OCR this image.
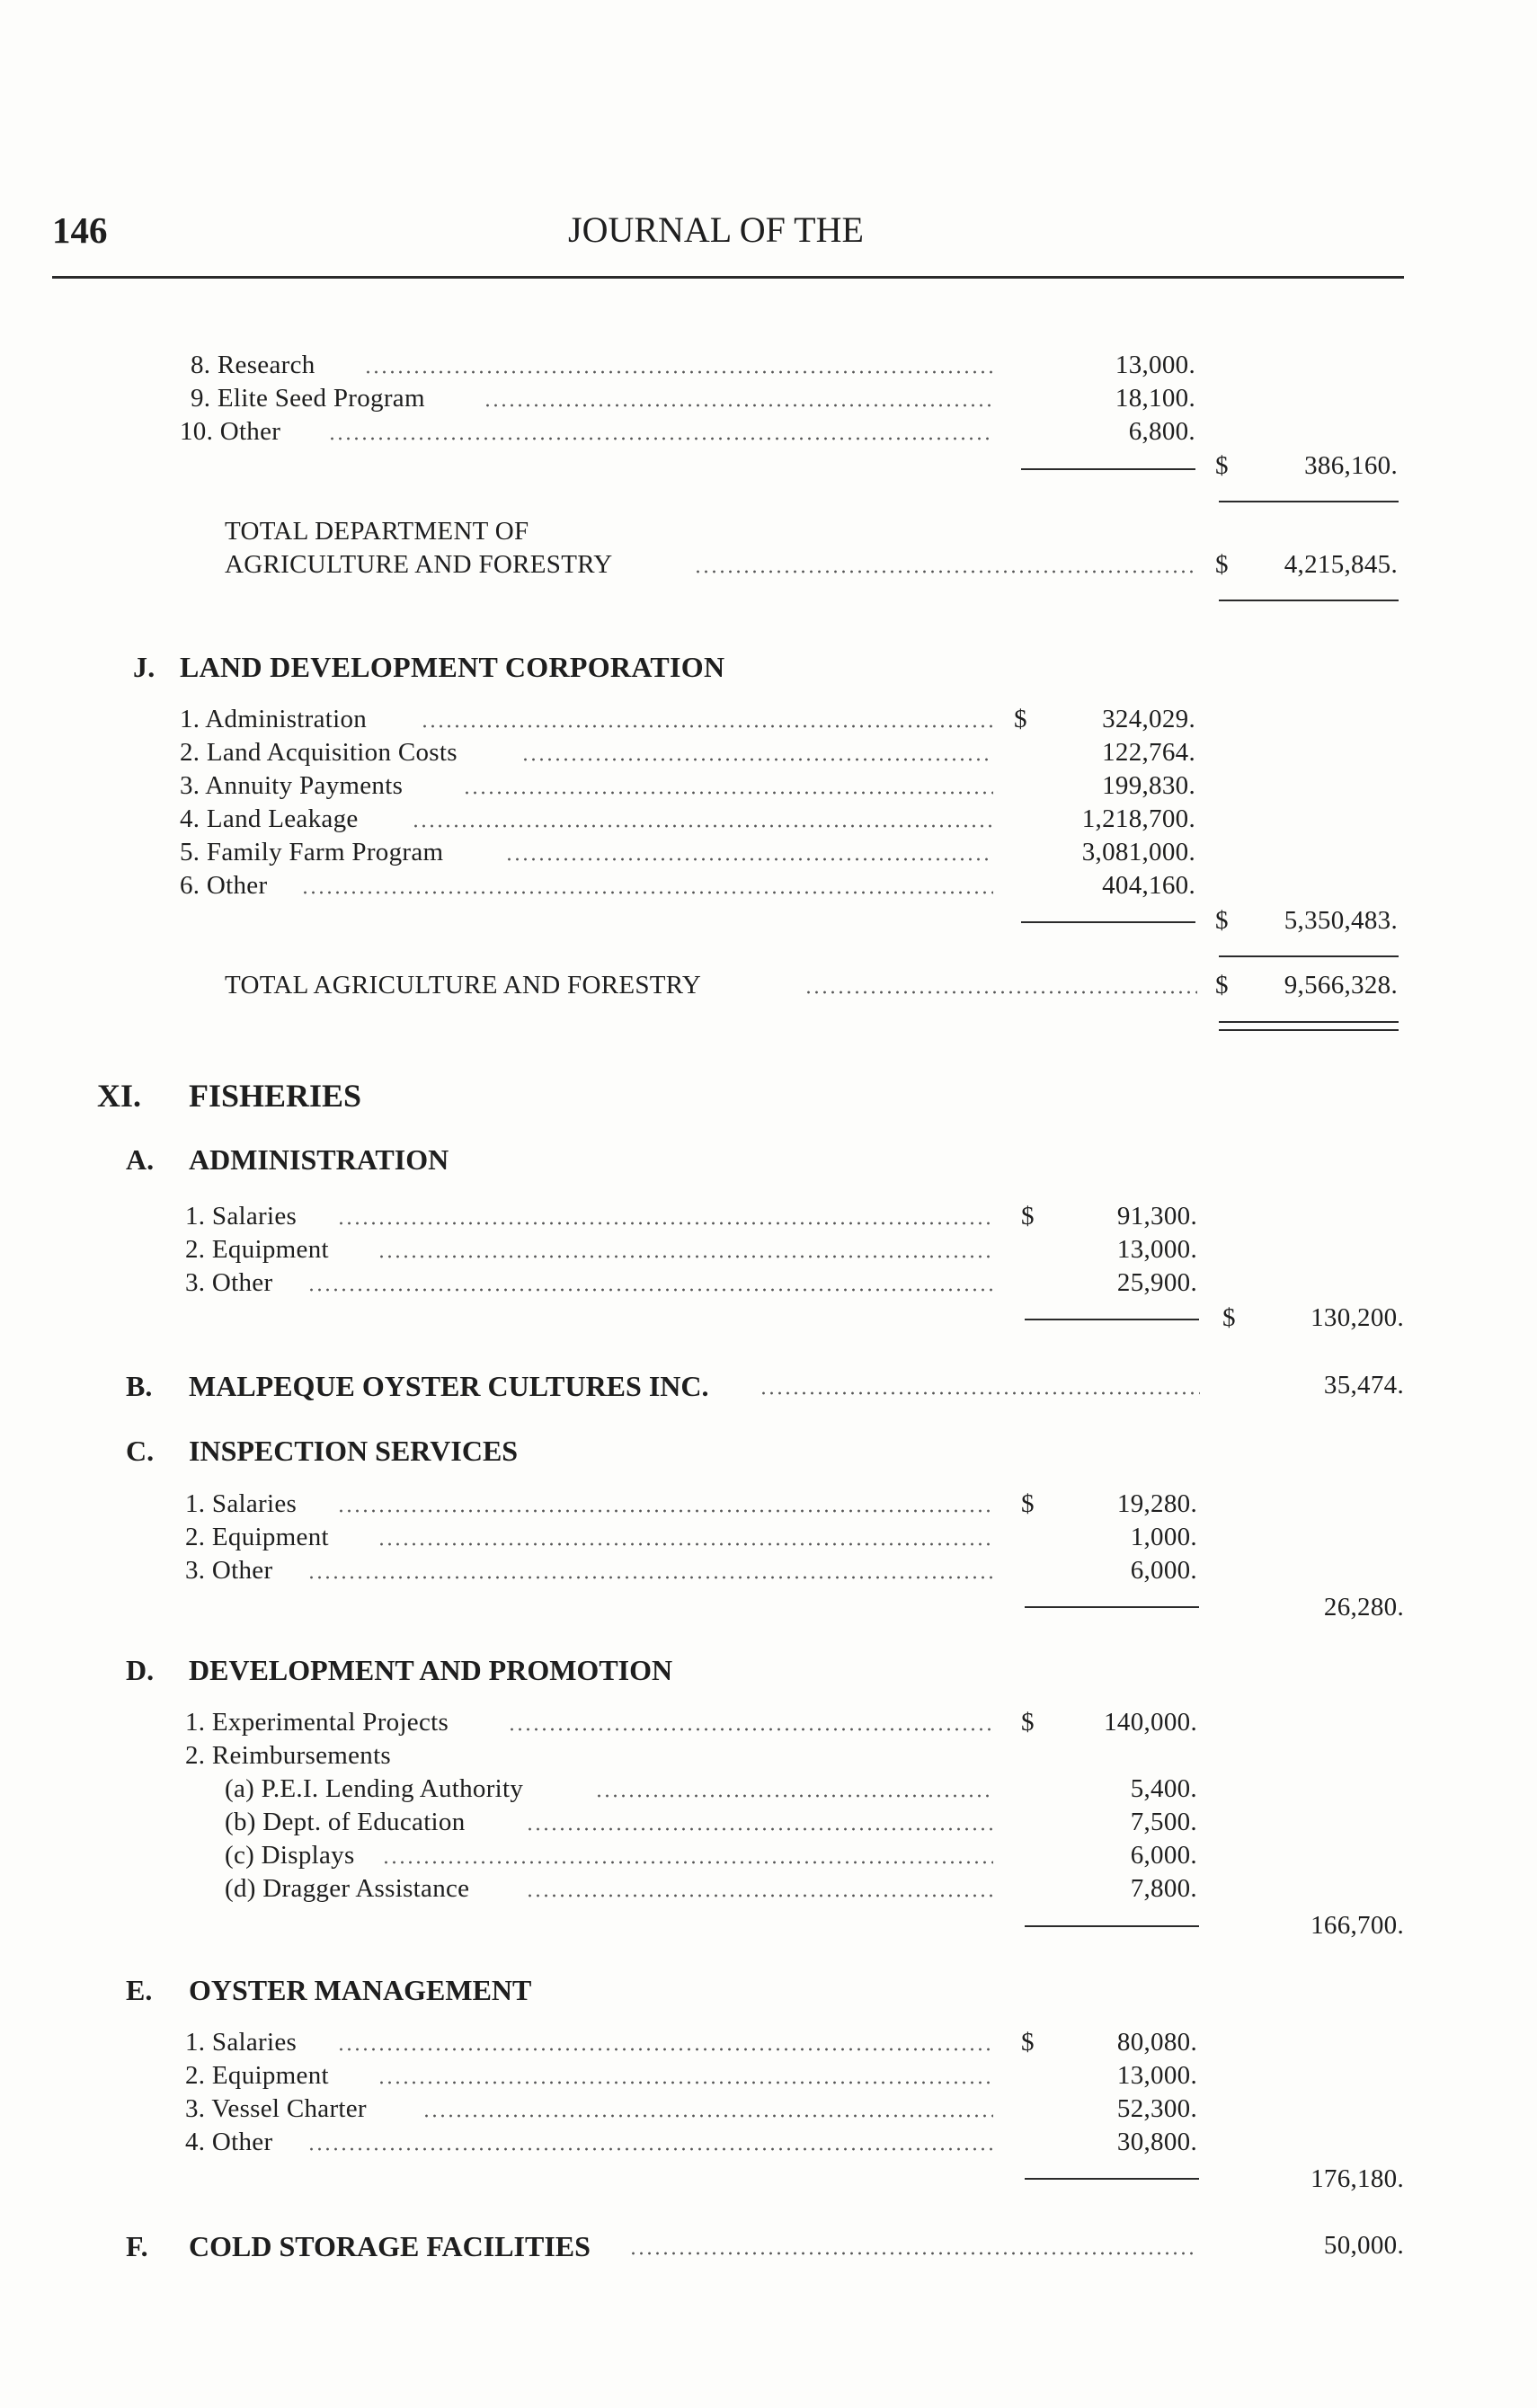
146	JOURNAL OF THE
8. Research	13,000.
9. Elite Seed Program	18,100.
10. Other	6,800.
$	386,160.
TOTAL DEPARTMENT OF
AGRICULTURE AND FORESTRY	$	4,215,845.
J. LAND DEVELOPMENT CORPORATION
1. Administration	$	324,029.
2. Land Acquisition Costs	122,764.
3. Annuity Payments	199,830.
4. Land Leakage	1,218,700.
5. Family Farm Program	3,081,000.
6. Other	404,160.
$	5,350,483.
TOTAL AGRICULTURE AND FORESTRY	$	9,566,328.
XI. FISHERIES
A. ADMINISTRATION
1. Salaries	$	91,300.
2. Equipment	13,000.
3. Other	25,900.
$	130,200.
B. MALPEQUE OYSTER CULTURES INC.	35,474.
C. INSPECTION SERVICES
1. Salaries	$	19,280.
2. Equipment	1,000.
3. Other	6,000.
26,280.
D. DEVELOPMENT AND PROMOTION
1. Experimental Projects	$	140,000.
2. Reimbursements
(a) P.E.I. Lending Authority	5,400.
(b) Dept. of Education	7,500.
(c) Displays	6,000.
(d) Dragger Assistance	7,800.
166,700.
E. OYSTER MANAGEMENT
1. Salaries	$	80,080.
2. Equipment	13,000.
3. Vessel Charter	52,300.
4. Other	30,800.
176,180.
F. COLD STORAGE FACILITIES	50,000.
